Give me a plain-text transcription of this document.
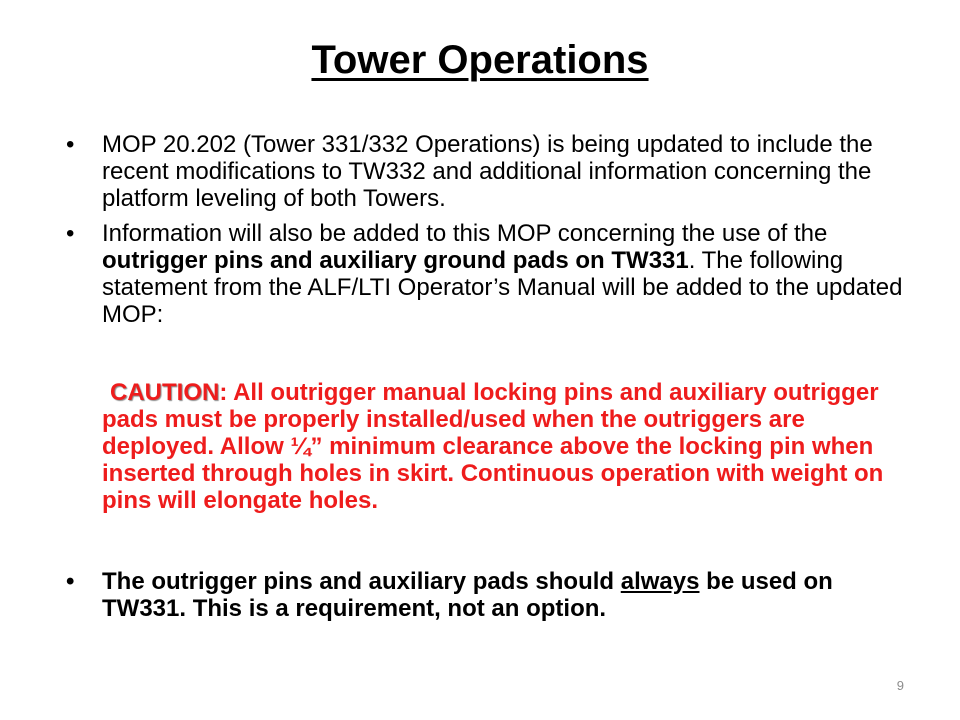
Tower Operations

• MOP 20.202 (Tower 331/332 Operations) is being updated to include the recent modifications to TW332 and additional information concerning the platform leveling of both Towers.

• Information will also be added to this MOP concerning the use of the outrigger pins and auxiliary ground pads on TW331. The following statement from the ALF/LTI Operator’s Manual will be added to the updated MOP:

CAUTION: All outrigger manual locking pins and auxiliary outrigger pads must be properly installed/used when the outriggers are deployed. Allow ¼” minimum clearance above the locking pin when inserted through holes in skirt. Continuous operation with weight on pins will elongate holes.

• The outrigger pins and auxiliary pads should always be used on TW331. This is a requirement, not an option.

9
